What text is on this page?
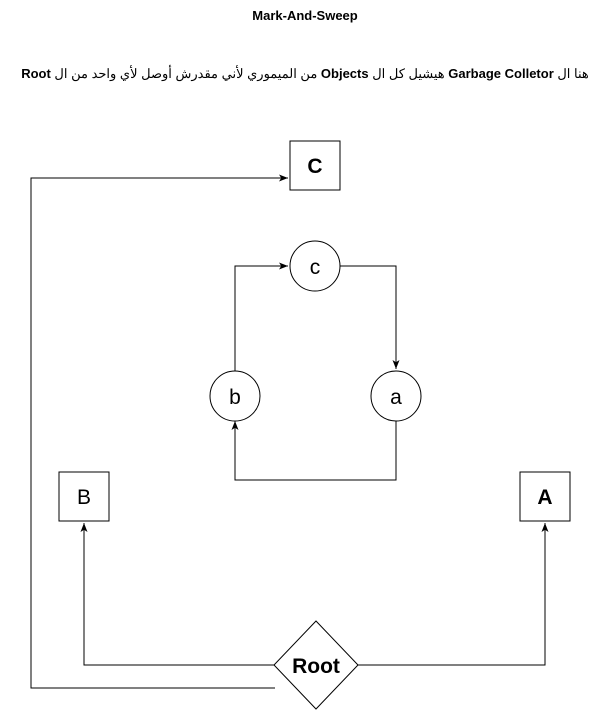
Mark-And-Sweep
هنا ال Garbage Colletor هيشيل كل ال Objects من الميموري لأني مقدرش أوصل لأي واحد من ال Root
C
B	A
c
b	a
Root
